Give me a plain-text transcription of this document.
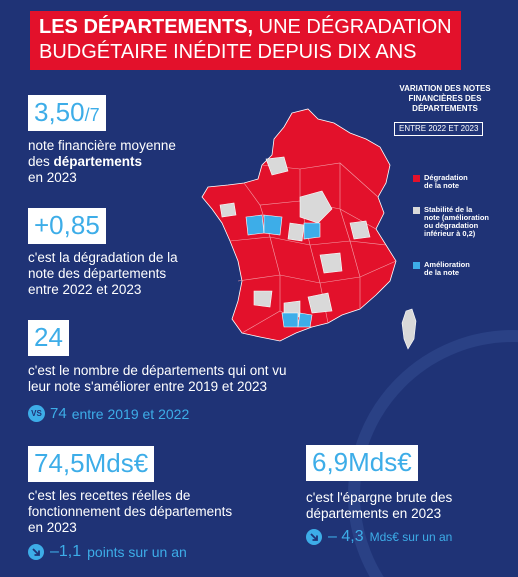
LES DÉPARTEMENTS, UNE DÉGRADATION
BUDGÉTAIRE INÉDITE DEPUIS DIX ANS
3,50/7
note financière moyenne
des départements
en 2023
+0,85
c'est la dégradation de la
note des départements
entre 2022 et 2023
24
c'est le nombre de départements qui ont vu
leur note s'améliorer entre 2019 et 2023
VS 74 entre 2019 et 2022
74,5Mds€
c'est les recettes réelles de
fonctionnement des départements
en 2023
–1,1 points sur un an
6,9Mds€
c'est l'épargne brute des
départements en 2023
– 4,3 Mds€ sur un an
VARIATION DES NOTES
FINANCIÈRES DES
DÉPARTEMENTS
ENTRE 2022 ET 2023
Dégradation
de la note
Stabilité de la
note (amélioration
ou dégradation
inférieur à 0,2)
Amélioration
de la note
